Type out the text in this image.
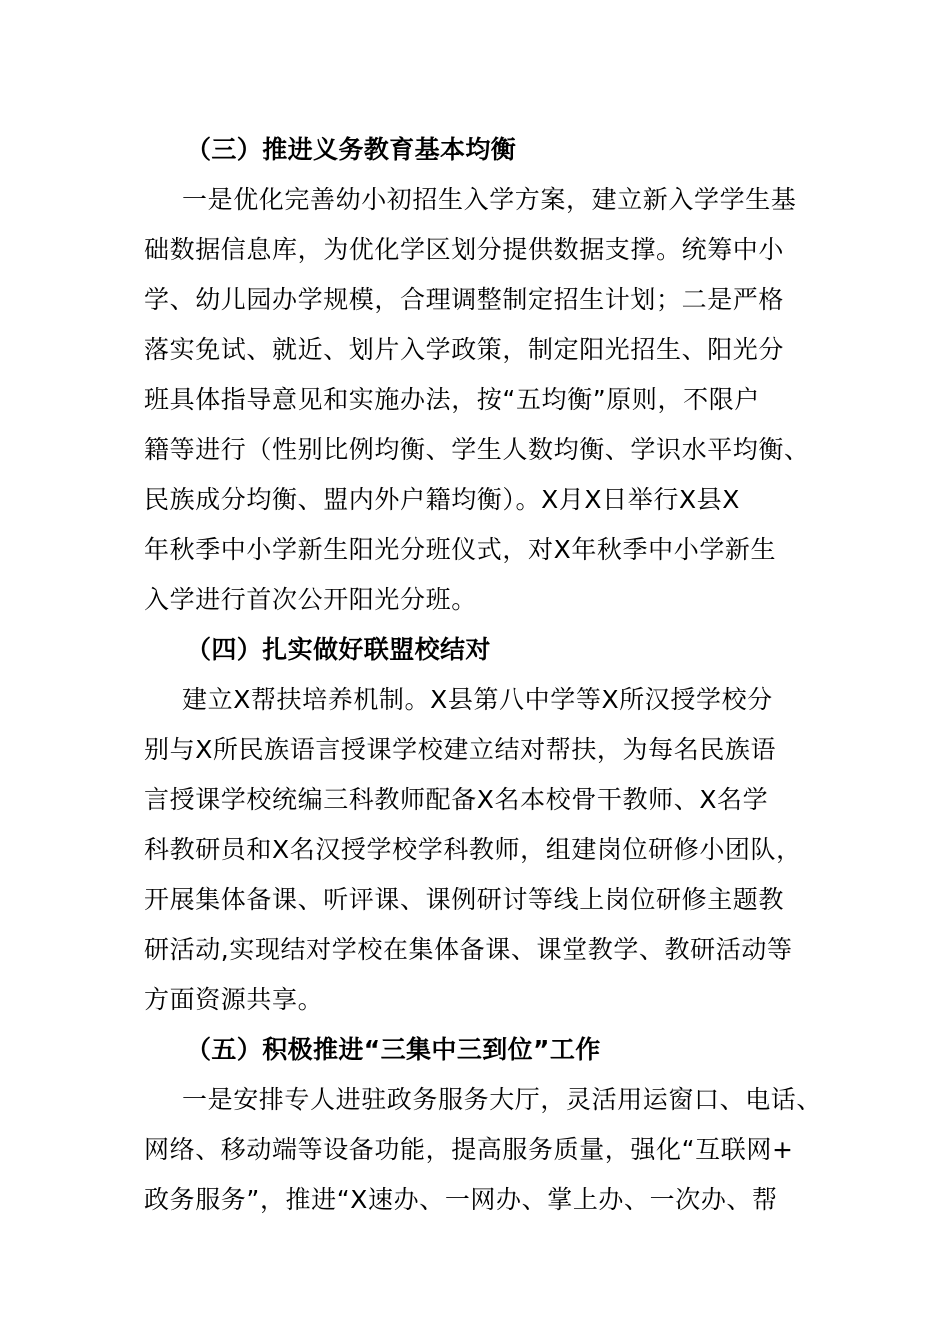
（三）推进义务教育基本均衡
一是优化完善幼小初招生入学方案，建立新入学学生基
础数据信息库，为优化学区划分提供数据支撑。统筹中小
学、幼儿园办学规模，合理调整制定招生计划；二是严格
落实免试、就近、划片入学政策，制定阳光招生、阳光分
班具体指导意见和实施办法，按“五均衡”原则，不限户
籍等进行（性别比例均衡、学生人数均衡、学识水平均衡、
民族成分均衡、盟内外户籍均衡）。X月X日举行X县X
年秋季中小学新生阳光分班仪式，对X年秋季中小学新生
入学进行首次公开阳光分班。
（四）扎实做好联盟校结对
建立X帮扶培养机制。X县第八中学等X所汉授学校分
别与X所民族语言授课学校建立结对帮扶，为每名民族语
言授课学校统编三科教师配备X名本校骨干教师、X名学
科教研员和X名汉授学校学科教师，组建岗位研修小团队，
开展集体备课、听评课、课例研讨等线上岗位研修主题教
研活动,实现结对学校在集体备课、课堂教学、教研活动等
方面资源共享。
（五）积极推进“三集中三到位”工作
一是安排专人进驻政务服务大厅，灵活用运窗口、电话、
网络、移动端等设备功能，提高服务质量，强化“互联网+
政务服务”，推进“X速办、一网办、掌上办、一次办、帮
